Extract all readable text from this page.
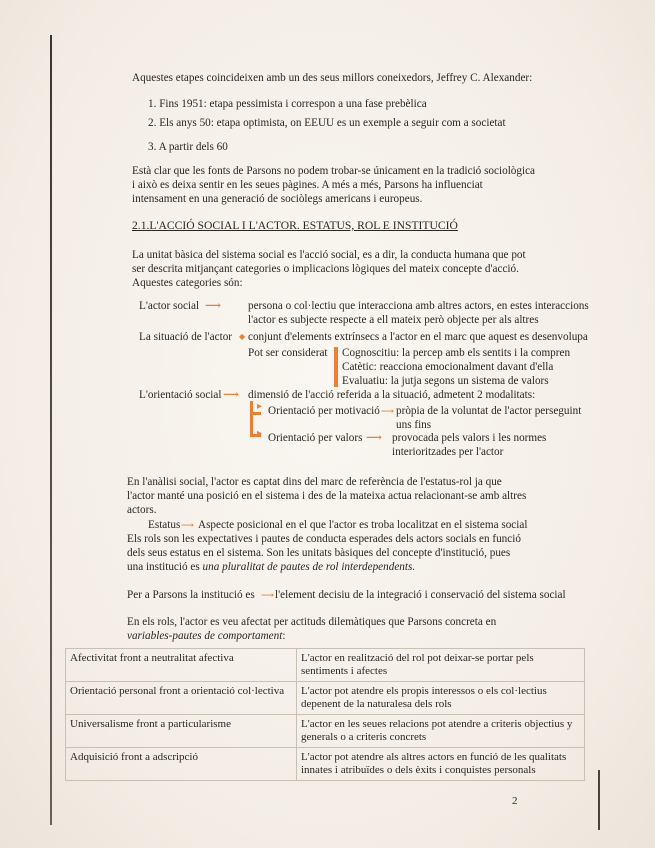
Aquestes etapes coincideixen amb un des seus millors coneixedors, Jeffrey C. Alexander:
1. Fins 1951: etapa pessimista i correspon a una fase prebèlica
2. Els anys 50: etapa optimista, on EEUU es un exemple a seguir com a societat
3. A partir dels 60
Està clar que les fonts de Parsons no podem trobar-se únicament en la tradició sociològica
i això es deixa sentir en les seues pàgines. A més a més, Parsons ha influenciat
intensament en una generació de sociòlegs americans i europeus.
2.1.L'ACCIÓ SOCIAL I L'ACTOR. ESTATUS, ROL E INSTITUCIÓ
La unitat bàsica del sistema social es l'acció social, es a dir, la conducta humana que pot
ser descrita mitjançant categories o implicacions lògiques del mateix concepte d'acció.
Aquestes categories són:
L'actor social ⟶ persona o col·lectiu que interacciona amb altres actors, en estes interaccions
l'actor es subjecte respecte a ell mateix però objecte per als altres
La situació de l'actor ◆ conjunt d'elements extrínsecs a l'actor en el marc que aquest es desenvolupa
Pot ser considerat Cognoscitiu: la percep amb els sentits i la compren
Catètic: reacciona emocionalment davant d'ella
Evaluatiu: la jutja segons un sistema de valors
L'orientació social ⟶ dimensió de l'acció referida a la situació, admetent 2 modalitats:
▸ Orientació per motivació ⟶ pròpia de la voluntat de l'actor perseguint
uns fins
▸ Orientació per valors ⟶ provocada pels valors i les normes
interioritzades per l'actor
En l'anàlisi social, l'actor es captat dins del marc de referència de l'estatus-rol ja que
l'actor manté una posició en el sistema i des de la mateixa actua relacionant-se amb altres
actors.
Estatus ⟶ Aspecte posicional en el que l'actor es troba localitzat en el sistema social
Els rols son les expectatives i pautes de conducta esperades dels actors socials en funció
dels seus estatus en el sistema. Son les unitats bàsiques del concepte d'institució, pues
una institució es una pluralitat de pautes de rol interdependents.
Per a Parsons la institució es ⟶ l'element decisiu de la integració i conservació del sistema social
En els rols, l'actor es veu afectat per actituds dilemàtiques que Parsons concreta en
variables-pautes de comportament:
Afectivitat front a neutralitat afectiva	L'actor en realització del rol pot deixar-se portar pels sentiments i afectes
Orientació personal front a orientació col·lectiva	L'actor pot atendre els propis interessos o els col·lectius depenent de la naturalesa dels rols
Universalisme front a particularisme	L'actor en les seues relacions pot atendre a criteris objectius y generals o a criteris concrets
Adquisició front a adscripció	L'actor pot atendre als altres actors en funció de les qualitats innates i atribuïdes o dels èxits i conquistes personals
2
